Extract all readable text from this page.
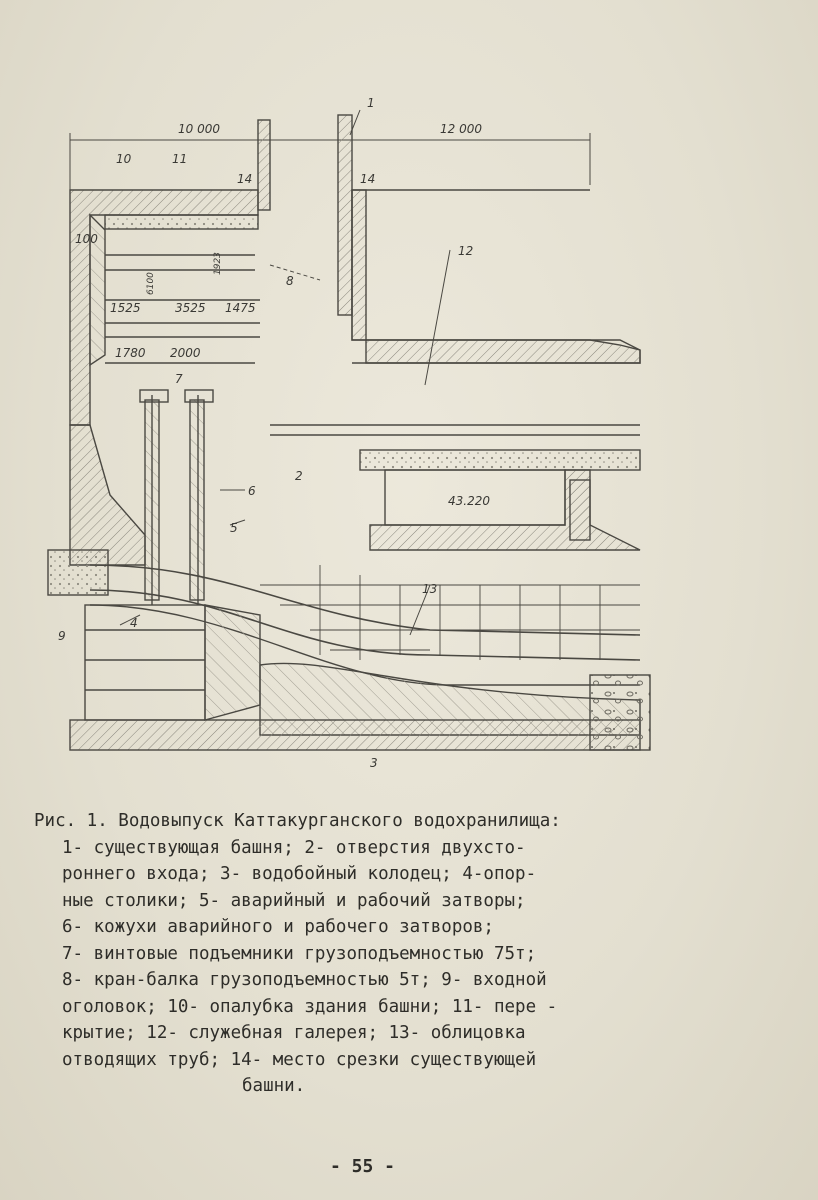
10 000	12 000
1
10	11
14	14
12
100
1525	3525 1475
1780 2000
7
8
6
5
2
43.220
13
4
9
3
1923
6100
Рис. 1. Водовыпуск Каттакурганского водохранилища:
1- существующая башня; 2- отверстия двухсто-
роннего входа; 3- водобойный колодец; 4-опор-
ные столики; 5- аварийный и рабочий затворы;
6- кожухи аварийного и рабочего затворов;
7- винтовые подъемники грузоподъемностью 75т;
8- кран-балка грузоподъемностью 5т; 9- входной
оголовок; 10- опалубка здания башни; 11- пере -
крытие; 12- служебная галерея; 13- облицовка
отводящих труб; 14- место срезки существующей
башни.
- 55 -
